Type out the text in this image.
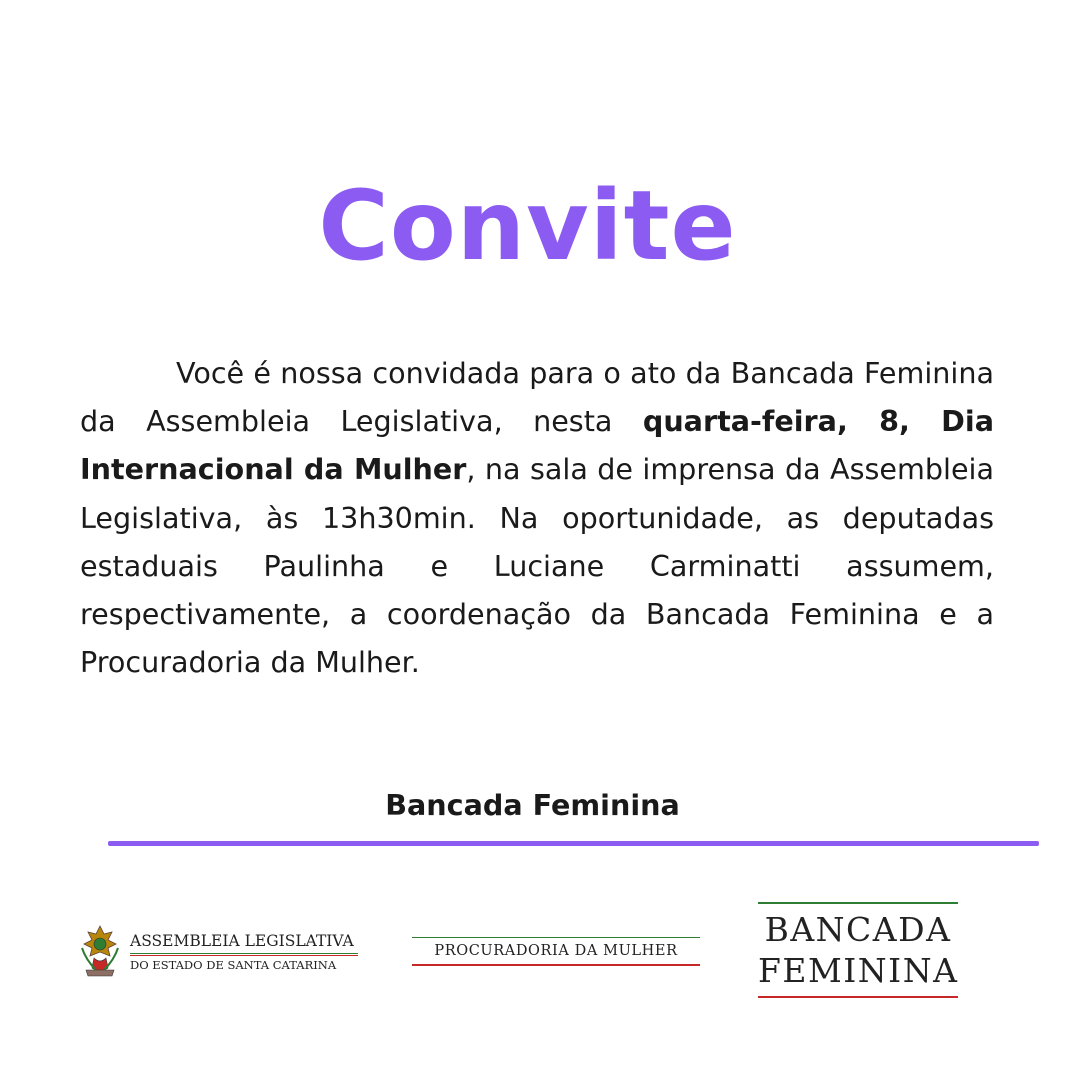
Convite

Você é nossa convidada para o ato da Bancada Feminina da Assembleia Legislativa, nesta quarta-feira, 8, Dia Internacional da Mulher, na sala de imprensa da Assembleia Legislativa, às 13h30min. Na oportunidade, as deputadas estaduais Paulinha e Luciane Carminatti assumem, respectivamente, a coordenação da Bancada Feminina e a Procuradoria da Mulher.

Bancada Feminina
ASSEMBLEIA LEGISLATIVA
DO ESTADO DE SANTA CATARINA
PROCURADORIA DA MULHER
BANCADA
FEMININA
